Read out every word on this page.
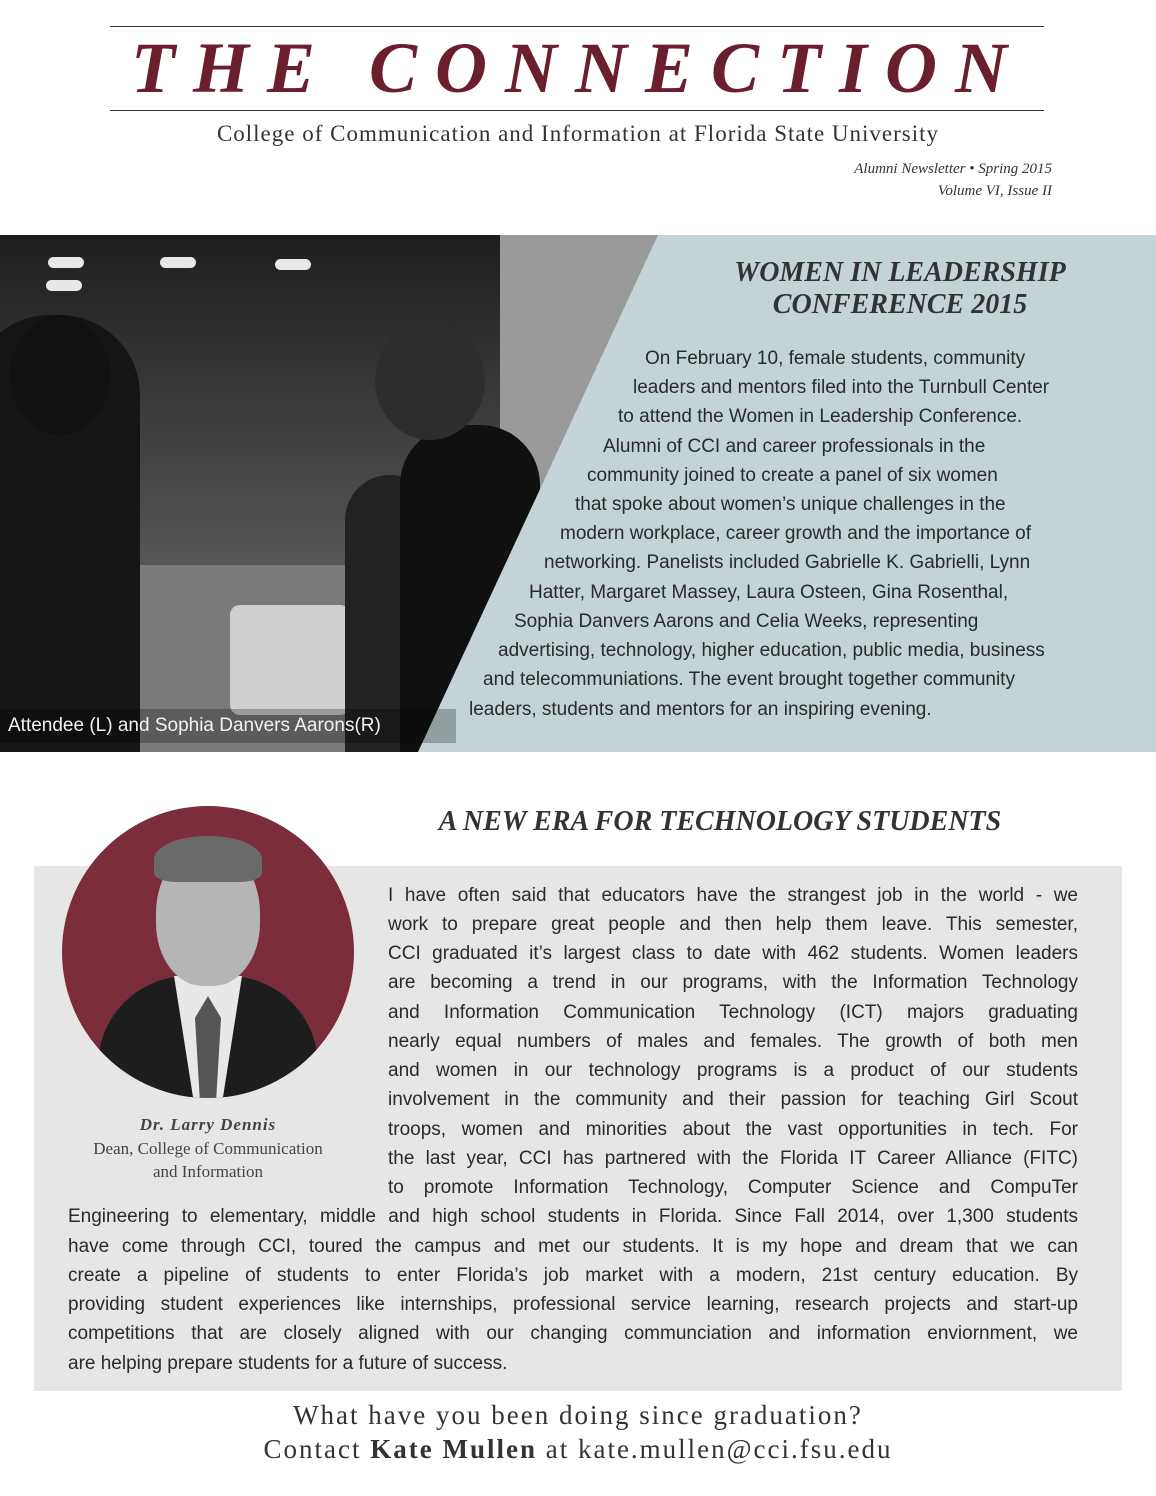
THE CONNECTION
College of Communication and Information at Florida State University
Alumni Newsletter • Spring 2015
Volume VI, Issue II
Attendee (L) and Sophia Danvers Aarons(R)
WOMEN IN LEADERSHIP
CONFERENCE 2015
On February 10, female students, community
leaders and mentors filed into the Turnbull Center
to attend the Women in Leadership Conference.
Alumni of CCI and career professionals in the
community joined to create a panel of six women
that spoke about women’s unique challenges in the
modern workplace, career growth and the importance of
networking. Panelists included Gabrielle K. Gabrielli, Lynn
Hatter, Margaret Massey, Laura Osteen, Gina Rosenthal,
Sophia Danvers Aarons and Celia Weeks, representing
advertising, technology, higher education, public media, business
and telecommuniations. The event brought together community
leaders, students and mentors for an inspiring evening.
A NEW ERA FOR TECHNOLOGY STUDENTS
Dr. Larry Dennis
Dean, College of Communication
and Information
I have often said that educators have the strangest job in the world - we
work to prepare great people and then help them leave. This semester,
CCI graduated it’s largest class to date with 462 students. Women leaders
are becoming a trend in our programs, with the Information Technology
and Information Communication Technology (ICT) majors graduating
nearly equal numbers of males and females. The growth of both men
and women in our technology programs is a product of our students
involvement in the community and their passion for teaching Girl Scout
troops, women and minorities about the vast opportunities in tech. For
the last year, CCI has partnered with the Florida IT Career Alliance (FITC)
to promote Information Technology, Computer Science and CompuTer
Engineering to elementary, middle and high school students in Florida. Since Fall 2014, over 1,300 students
have come through CCI, toured the campus and met our students. It is my hope and dream that we can
create a pipeline of students to enter Florida’s job market with a modern, 21st century education. By
providing student experiences like internships, professional service learning, research projects and start-up
competitions that are closely aligned with our changing communciation and information enviornment, we
are helping prepare students for a future of success.
What have you been doing since graduation?
Contact Kate Mullen at kate.mullen@cci.fsu.edu
